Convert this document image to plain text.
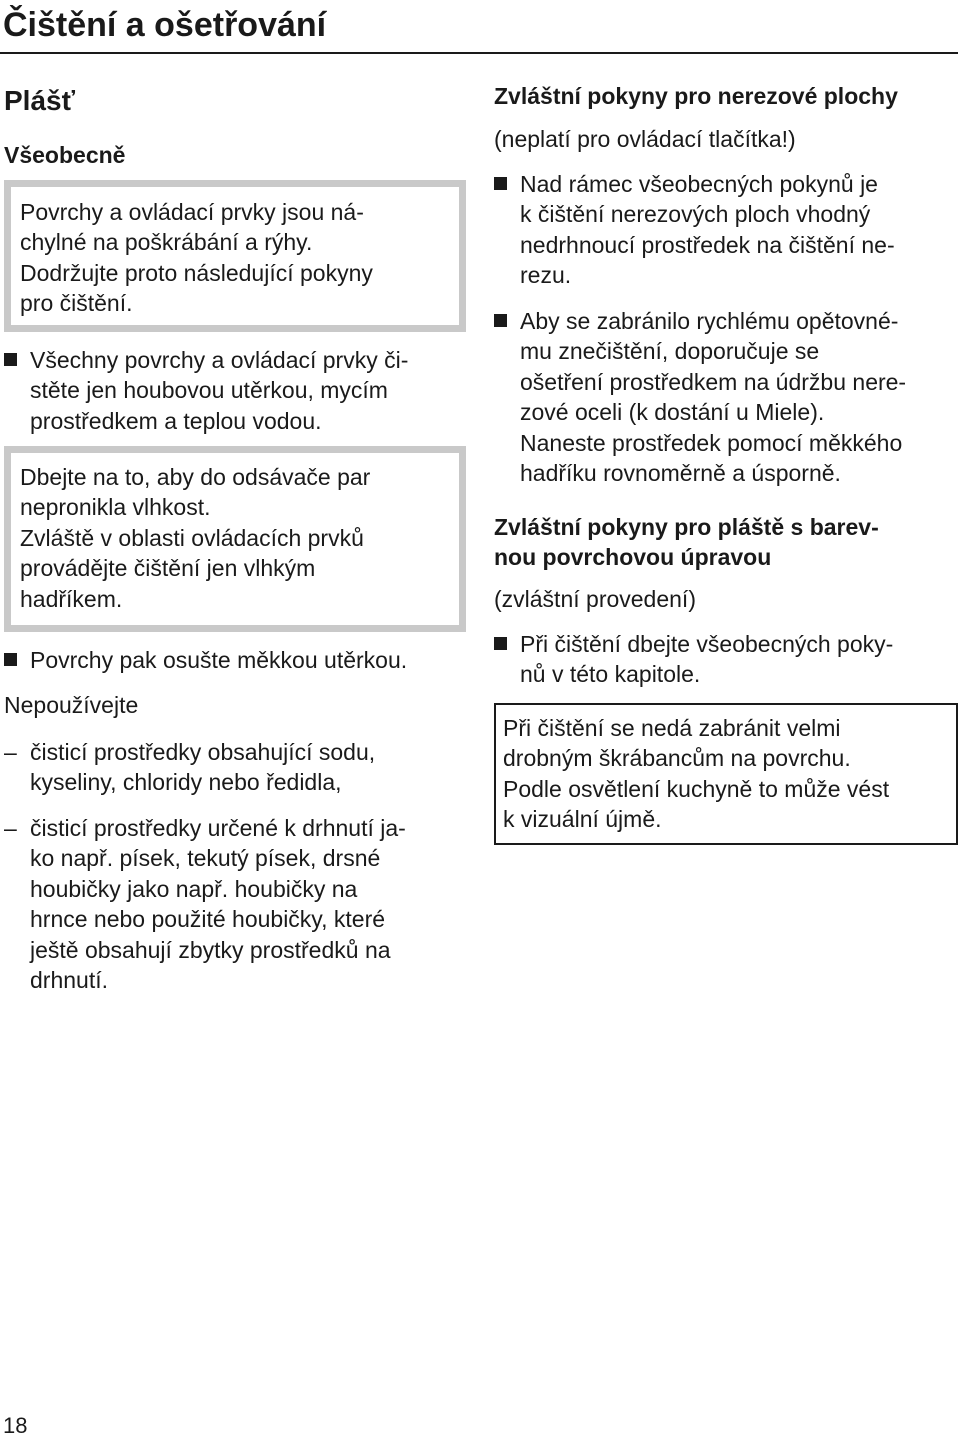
Čištění a ošetřování
Plášť
Všeobecně
Povrchy a ovládací prvky jsou ná-
chylné na poškrábání a rýhy.
Dodržujte proto následující pokyny
pro čištění.
Všechny povrchy a ovládací prvky či-
stěte jen houbovou utěrkou, mycím
prostředkem a teplou vodou.
Dbejte na to, aby do odsávače par
nepronikla vlhkost.
Zvláště v oblasti ovládacích prvků
provádějte čištění jen vlhkým
hadříkem.
Povrchy pak osušte měkkou utěrkou.
Nepoužívejte
– čisticí prostředky obsahující sodu,
kyseliny, chloridy nebo ředidla,
– čisticí prostředky určené k drhnutí ja-
ko např. písek, tekutý písek, drsné
houbičky jako např. houbičky na
hrnce nebo použité houbičky, které
ještě obsahují zbytky prostředků na
drhnutí.
Zvláštní pokyny pro nerezové plochy
(neplatí pro ovládací tlačítka!)
Nad rámec všeobecných pokynů je
k čištění nerezových ploch vhodný
nedrhnoucí prostředek na čištění ne-
rezu.
Aby se zabránilo rychlému opětovné-
mu znečištění, doporučuje se
ošetření prostředkem na údržbu nere-
zové oceli (k dostání u Miele).
Naneste prostředek pomocí měkkého
hadříku rovnoměrně a úsporně.
Zvláštní pokyny pro pláště s barev-
nou povrchovou úpravou
(zvláštní provedení)
Při čištění dbejte všeobecných poky-
nů v této kapitole.
Při čištění se nedá zabránit velmi
drobným škrábancům na povrchu.
Podle osvětlení kuchyně to může vést
k vizuální újmě.
18
